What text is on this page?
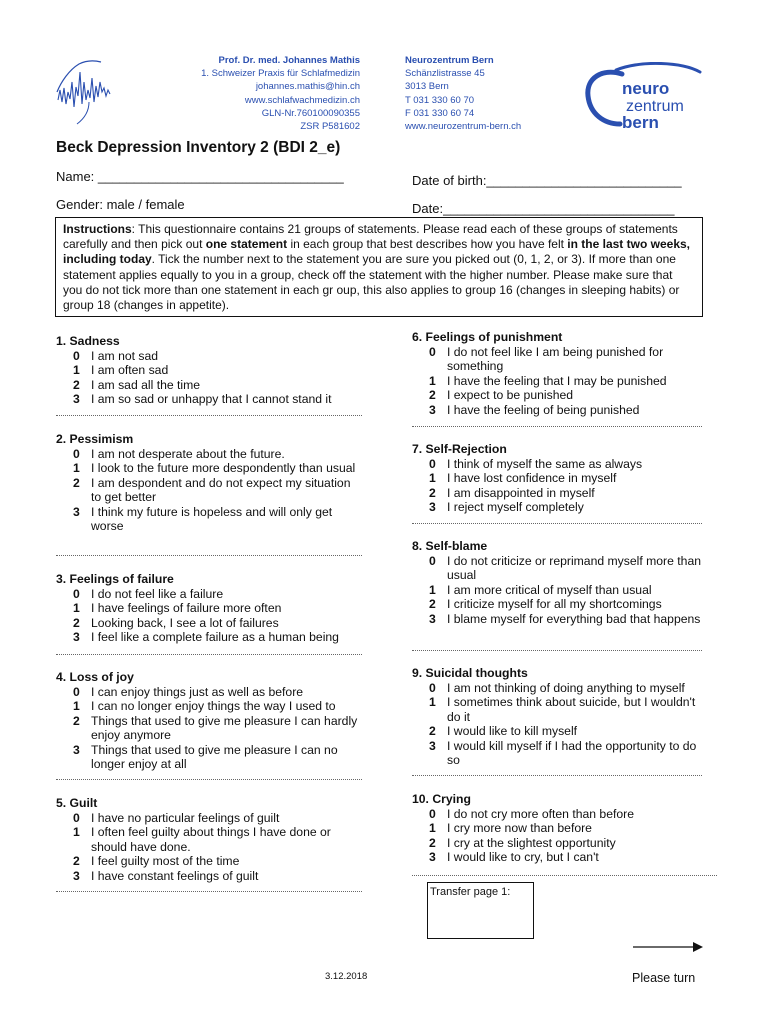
Prof. Dr. med. Johannes Mathis
1. Schweizer Praxis für Schlafmedizin
johannes.mathis@hin.ch
www.schlafwachmedizin.ch
GLN-Nr.760100090355
ZSR P581602
Neurozentrum Bern
Schänzlistrasse 45
3013 Bern
T 031 330 60 70
F 031 330 60 74
www.neurozentrum-bern.ch
neuro
zentrum
bern
Beck Depression Inventory 2 (BDI 2_e)
Name: __________________________________	Date of birth:___________________________
Gender: male / female	Date:________________________________
Instructions: This questionnaire contains 21 groups of statements. Please read each of these groups of statements carefully and then pick out one statement in each group that best describes how you have felt in the last two weeks, including today. Tick the number next to the statement you are sure you picked out (0, 1, 2, or 3). If more than one statement applies equally to you in a group, check off the statement with the higher number. Please make sure that you do not tick more than one statement in each gr oup, this also applies to group 16 (changes in sleeping habits) or group 18 (changes in appetite).
1. Sadness
0 I am not sad
1 I am often sad
2 I am sad all the time
3 I am so sad or unhappy that I cannot stand it
2. Pessimism
0 I am not desperate about the future.
1 I look to the future more despondently than usual
2 I am despondent and do not expect my situation to get better
3 I think my future is hopeless and will only get worse
3. Feelings of failure
0 I do not feel like a failure
1 I have feelings of failure more often
2 Looking back, I see a lot of failures
3 I feel like a complete failure as a human being
4. Loss of joy
0 I can enjoy things just as well as before
1 I can no longer enjoy things the way I used to
2 Things that used to give me pleasure I can hardly enjoy anymore
3 Things that used to give me pleasure I can no longer enjoy at all
5. Guilt
0 I have no particular feelings of guilt
1 I often feel guilty about things I have done or should have done.
2 I feel guilty most of the time
3 I have constant feelings of guilt
6. Feelings of punishment
0 I do not feel like I am being punished for something
1 I have the feeling that I may be punished
2 I expect to be punished
3 I have the feeling of being punished
7. Self-Rejection
0 I think of myself the same as always
1 I have lost confidence in myself
2 I am disappointed in myself
3 I reject myself completely
8. Self-blame
0 I do not criticize or reprimand myself more than usual
1 I am more critical of myself than usual
2 I criticize myself for all my shortcomings
3 I blame myself for everything bad that happens
9. Suicidal thoughts
0 I am not thinking of doing anything to myself
1 I sometimes think about suicide, but I wouldn't do it
2 I would like to kill myself
3 I would kill myself if I had the opportunity to do so
10. Crying
0 I do not cry more often than before
1 I cry more now than before
2 I cry at the slightest opportunity
3 I would like to cry, but I can't
Transfer page 1:
3.12.2018	Please turn
